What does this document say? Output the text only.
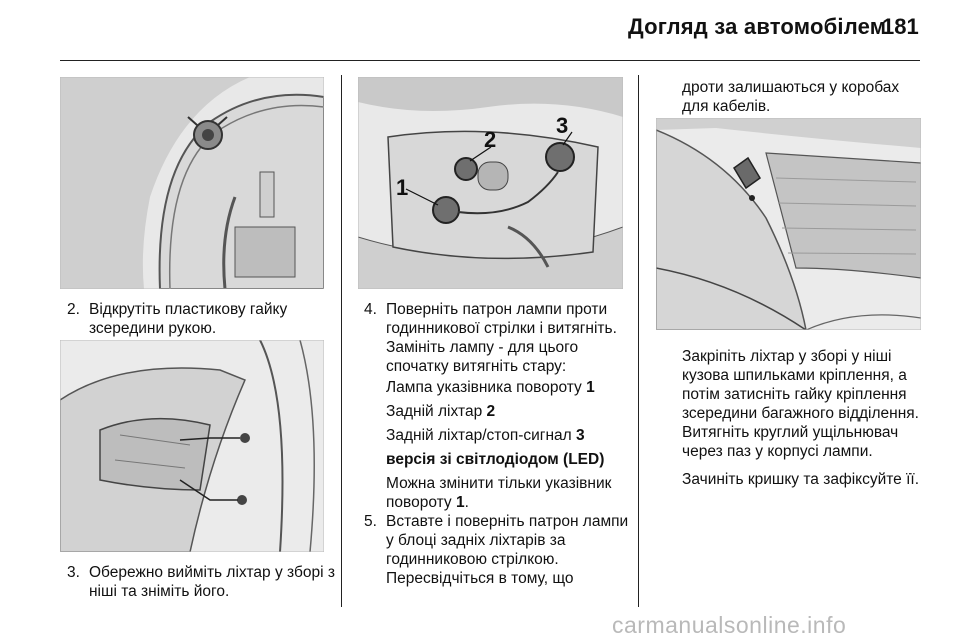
Догляд за автомобілем
181
2. Відкрутіть пластикову гайку зсередини рукою.
3. Обережно вийміть ліхтар у зборі з ніші та зніміть його.
1
2
3
4. Поверніть патрон лампи проти годинникової стрілки і витягніть. Замініть лампу - для цього спочатку витягніть стару:
Лампа указівника повороту 1
Задній ліхтар 2
Задній ліхтар/стоп-сигнал 3
версія зі світлодіодом (LED)
Можна змінити тільки указівник повороту 1.
5. Вставте і поверніть патрон лампи у блоці задніх ліхтарів за годинниковою стрілкою. Пересвідчіться в тому, що
дроти залишаються у коробах для кабелів.
Закріпіть ліхтар у зборі у ніші кузова шпильками кріплення, а потім затисніть гайку кріплення зсередини багажного відділення. Витягніть круглий ущільнювач через паз у корпусі лампи.
Зачиніть кришку та зафіксуйте її.
carmanualsonline.info
